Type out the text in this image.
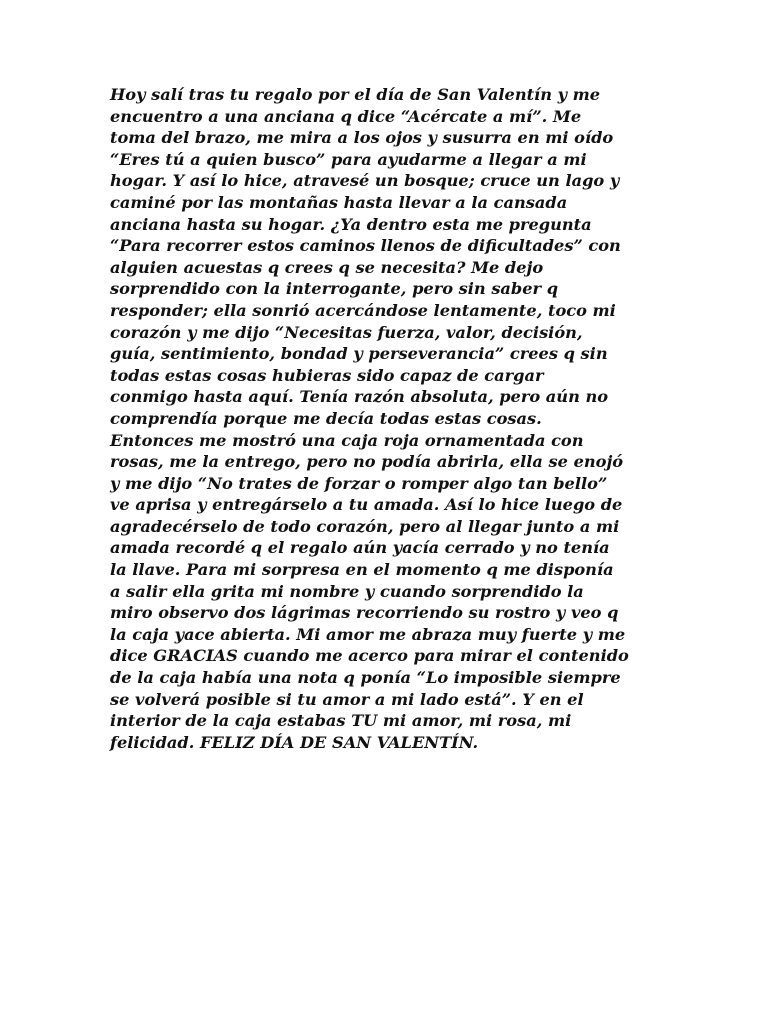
Hoy salí tras tu regalo por el día de San Valentín y me
encuentro a una anciana q dice “Acércate a mí”. Me
toma del brazo, me mira a los ojos y susurra en mi oído
“Eres tú a quien busco” para ayudarme a llegar a mi
hogar. Y así lo hice, atravesé un bosque; cruce un lago y
caminé por las montañas hasta llevar a la cansada
anciana hasta su hogar. ¿Ya dentro esta me pregunta
“Para recorrer estos caminos llenos de dificultades” con
alguien acuestas q crees q se necesita? Me dejo
sorprendido con la interrogante, pero sin saber q
responder; ella sonrió acercándose lentamente, toco mi
corazón y me dijo “Necesitas fuerza, valor, decisión,
guía, sentimiento, bondad y perseverancia” crees q sin
todas estas cosas hubieras sido capaz de cargar
conmigo hasta aquí. Tenía razón absoluta, pero aún no
comprendía porque me decía todas estas cosas.
Entonces me mostró una caja roja ornamentada con
rosas, me la entrego, pero no podía abrirla, ella se enojó
y me dijo “No trates de forzar o romper algo tan bello”
ve aprisa y entregárselo a tu amada. Así lo hice luego de
agradecérselo de todo corazón, pero al llegar junto a mi
amada recordé q el regalo aún yacía cerrado y no tenía
la llave. Para mi sorpresa en el momento q me disponía
a salir ella grita mi nombre y cuando sorprendido la
miro observo dos lágrimas recorriendo su rostro y veo q
la caja yace abierta. Mi amor me abraza muy fuerte y me
dice GRACIAS cuando me acerco para mirar el contenido
de la caja había una nota q ponía “Lo imposible siempre
se volverá posible si tu amor a mi lado está”. Y en el
interior de la caja estabas TU mi amor, mi rosa, mi
felicidad. FELIZ DÍA DE SAN VALENTÍN.
